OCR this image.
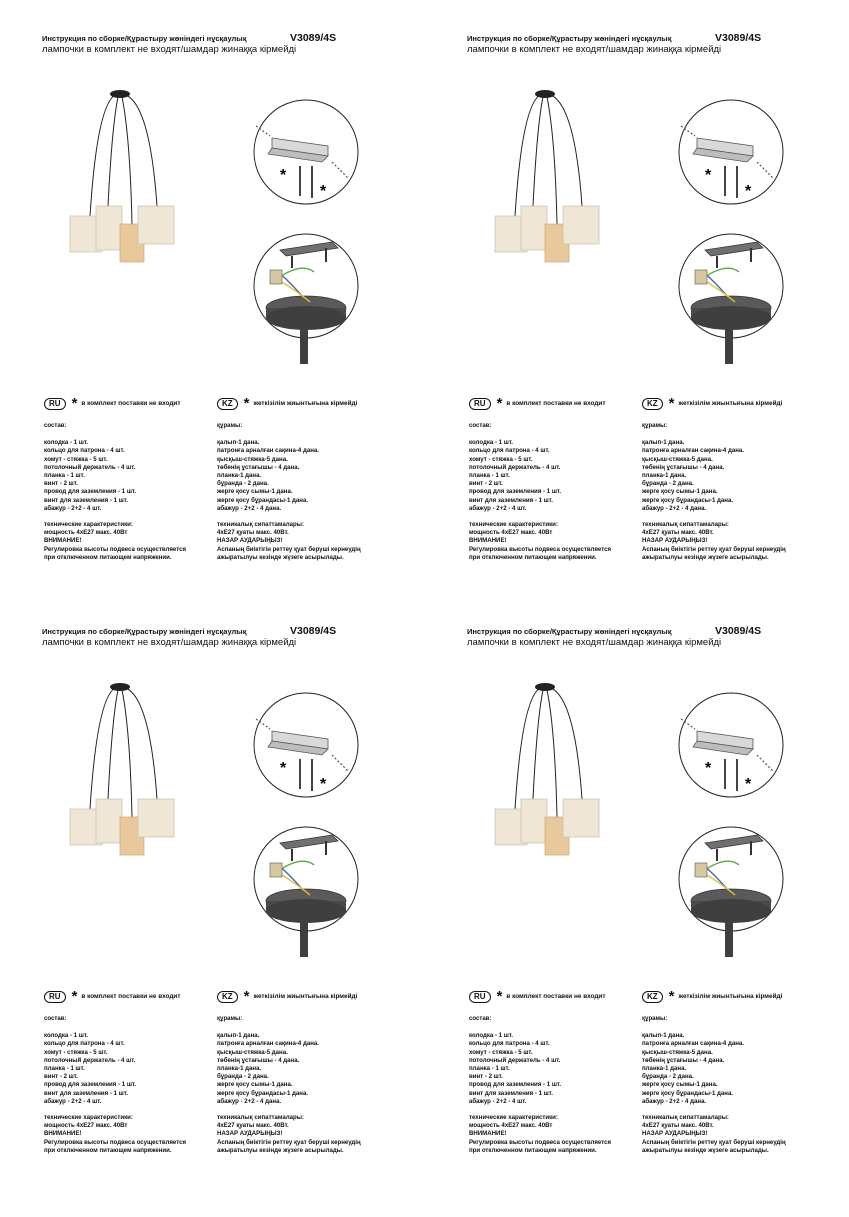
Инструкция по сборке/Құрастыру жөніндегі нұсқаулық	V3089/4S
лампочки в комплект не входят/шамдар жинаққа кірмейді
*
*
RU * в комплект поставки не входит
состав:
колодка - 1 шт.
кольцо для патрона - 4 шт.
хомут - стяжка - 5 шт.
потолочный держатель - 4 шт.
планка - 1 шт.
винт - 2 шт.
провод для заземления - 1 шт.
винт для заземления - 1 шт.
абажур - 2+2 - 4 шт.
технические характеристики:
мощность 4xE27 макс. 40Вт
ВНИМАНИЕ!
Регулировка высоты подвеса осуществляется
при отключенном питающем напряжении.
KZ * жеткізілім жиынтығына кірмейді
құрамы:
қалып-1 дана.
патронға арналған сақина-4 дана.
қысқыш-стяжка-5 дана.
төбенің ұстағышы - 4 дана.
планка-1 дана.
бұранда - 2 дана.
жерге қосу сымы-1 дана.
жерге қосу бұрандасы-1 дана.
абажур - 2+2 - 4 дана.
техникалық сипаттамалары:
4xE27 қуаты макс. 40Вт.
НАЗАР АУДАРЫҢЫЗ!
Аспаның биіктігін реттеу қуат беруші кернеудің
ажыратылуы кезінде жүзеге асырылады.
Инструкция по сборке/Құрастыру жөніндегі нұсқаулық	V3089/4S
лампочки в комплект не входят/шамдар жинаққа кірмейді
*
*
RU * в комплект поставки не входит
состав:
колодка - 1 шт.
кольцо для патрона - 4 шт.
хомут - стяжка - 5 шт.
потолочный держатель - 4 шт.
планка - 1 шт.
винт - 2 шт.
провод для заземления - 1 шт.
винт для заземления - 1 шт.
абажур - 2+2 - 4 шт.
технические характеристики:
мощность 4xE27 макс. 40Вт
ВНИМАНИЕ!
Регулировка высоты подвеса осуществляется
при отключенном питающем напряжении.
KZ * жеткізілім жиынтығына кірмейді
құрамы:
қалып-1 дана.
патронға арналған сақина-4 дана.
қысқыш-стяжка-5 дана.
төбенің ұстағышы - 4 дана.
планка-1 дана.
бұранда - 2 дана.
жерге қосу сымы-1 дана.
жерге қосу бұрандасы-1 дана.
абажур - 2+2 - 4 дана.
техникалық сипаттамалары:
4xE27 қуаты макс. 40Вт.
НАЗАР АУДАРЫҢЫЗ!
Аспаның биіктігін реттеу қуат беруші кернеудің
ажыратылуы кезінде жүзеге асырылады.
Инструкция по сборке/Құрастыру жөніндегі нұсқаулық	V3089/4S
лампочки в комплект не входят/шамдар жинаққа кірмейді
*
*
RU * в комплект поставки не входит
состав:
колодка - 1 шт.
кольцо для патрона - 4 шт.
хомут - стяжка - 5 шт.
потолочный держатель - 4 шт.
планка - 1 шт.
винт - 2 шт.
провод для заземления - 1 шт.
винт для заземления - 1 шт.
абажур - 2+2 - 4 шт.
технические характеристики:
мощность 4xE27 макс. 40Вт
ВНИМАНИЕ!
Регулировка высоты подвеса осуществляется
при отключенном питающем напряжении.
KZ * жеткізілім жиынтығына кірмейді
құрамы:
қалып-1 дана.
патронға арналған сақина-4 дана.
қысқыш-стяжка-5 дана.
төбенің ұстағышы - 4 дана.
планка-1 дана.
бұранда - 2 дана.
жерге қосу сымы-1 дана.
жерге қосу бұрандасы-1 дана.
абажур - 2+2 - 4 дана.
техникалық сипаттамалары:
4xE27 қуаты макс. 40Вт.
НАЗАР АУДАРЫҢЫЗ!
Аспаның биіктігін реттеу қуат беруші кернеудің
ажыратылуы кезінде жүзеге асырылады.
Инструкция по сборке/Құрастыру жөніндегі нұсқаулық	V3089/4S
лампочки в комплект не входят/шамдар жинаққа кірмейді
*
*
RU * в комплект поставки не входит
состав:
колодка - 1 шт.
кольцо для патрона - 4 шт.
хомут - стяжка - 5 шт.
потолочный держатель - 4 шт.
планка - 1 шт.
винт - 2 шт.
провод для заземления - 1 шт.
винт для заземления - 1 шт.
абажур - 2+2 - 4 шт.
технические характеристики:
мощность 4xE27 макс. 40Вт
ВНИМАНИЕ!
Регулировка высоты подвеса осуществляется
при отключенном питающем напряжении.
KZ * жеткізілім жиынтығына кірмейді
құрамы:
қалып-1 дана.
патронға арналған сақина-4 дана.
қысқыш-стяжка-5 дана.
төбенің ұстағышы - 4 дана.
планка-1 дана.
бұранда - 2 дана.
жерге қосу сымы-1 дана.
жерге қосу бұрандасы-1 дана.
абажур - 2+2 - 4 дана.
техникалық сипаттамалары:
4xE27 қуаты макс. 40Вт.
НАЗАР АУДАРЫҢЫЗ!
Аспаның биіктігін реттеу қуат беруші кернеудің
ажыратылуы кезінде жүзеге асырылады.
